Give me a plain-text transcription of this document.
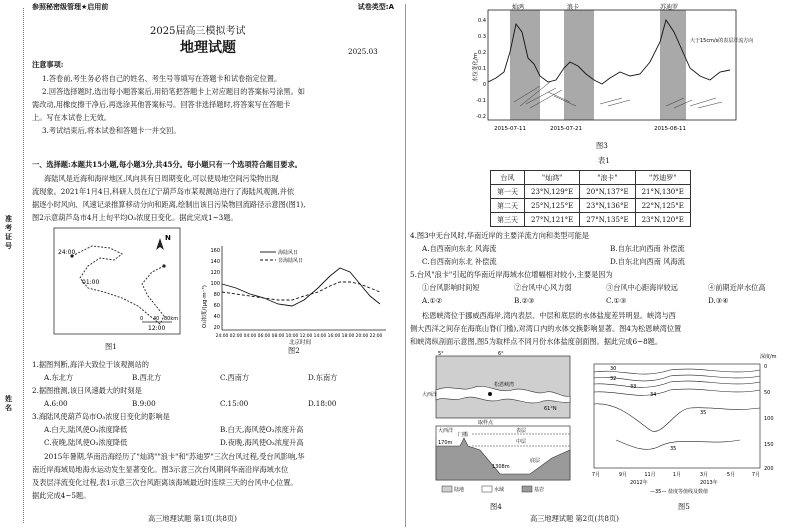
准考证号
姓名
参照秘密级管理★启用前	试卷类型:A
2025届高三模拟考试
地理试题	2025.03
注意事项:
1.答卷前,考生务必将自己的姓名、考生号等填写在答题卡和试卷指定位置。
2.回答选择题时,选出每小题答案后,用铅笔把答题卡上对应题目的答案标号涂黑。如
需改动,用橡皮擦干净后,再选涂其他答案标号。回答非选择题时,将答案写在答题卡
上。写在本试卷上无效。
3.考试结束后,将本试卷和答题卡一并交回。
一、选择题:本题共15小题,每小题3分,共45分。每小题只有一个选项符合题目要求。
海陆风是近海和海岸地区,风向具有日周期变化,可以使局地空间污染物出现
流现象。2021年1月4日,科研人员在辽宁葫芦岛市某观测站进行了海陆风观测,并依
据逐小时风向、风速记录推算移动分向和距离,绘制出该日污染物回流路径示意图(图1),
图2示意葫芦岛市4月上旬平均O₃浓度日变化。据此完成1~3题。
24:00
01:00
12:00
N
0 40 80km
图1
O₃浓度/(μg·m⁻³)
160
140
120
100
80
60
40
20
海陆风日
非海陆风日
24:00 02:00 04:00 06:00 08:00 10:00 12:00 14:00 16:00 18:00 20:00 22:00
北京时间
图2
1.据图判断,海洋大致位于该观测站的
A.东北方	B.西北方	C.西南方	D.东南方
2.据图推测,该日风速最大的时刻是
A.6:00	B.9:00	C.15:00	D.18:00
3.海陆风使葫芦岛市O₃浓度日变化的影响是
A.白天,陆风使O₃浓度降低	B.白天,海风使O₃浓度升高
C.夜晚,陆风使O₃浓度降低	D.夜晚,海风使O₃浓度升高
2015年暑期,华南沿海经历了"灿鸿""浪卡"和"苏迪罗"三次台风过程,受台风影响,华
南近岸海域局地海水运动发生显著变化。图3示意三次台风期间华南沿岸海域水位
及表层洋流变化过程,表1示意三次台风距离该海域最近时连续三天的台风中心位置。
据此完成4~5题。
高三地理试题 第1页(共8页)
灿鸿	浪卡	苏迪罗
水位变化/m
0.4
0.3
0.2
0.1
0
-0.1
-0.2
大于15cm/s的表层洋流方向
2015-07-11	2015-07-21	2015-08-11
图3
表1
台风	"灿鸿"	"浪卡"	"苏迪罗"
第一天	23°N,129°E	20°N,137°E	21°N,130°E
第二天	25°N,125°E	23°N,136°E	22°N,125°E
第三天	27°N,121°E	27°N,135°E	23°N,120°E
4.图3中无台风时,华南近岸的主要洋流方向和类型可能是
A.自西南向东北 风海流	B.自东北向西南 补偿流
C.自西南向东北 补偿流	D.自东北向西南 风海流
5.台风"浪卡"引起的华南近岸海域水位增幅相对较小,主要是因为
①台风影响时间短	②台风中心风力弱	③台风中心距海岸较远	④前期近岸水位高
A.①②	B.②③	C.①③	D.③④
松恩峡湾位于挪威西海岸,湾内表层、中层和底层的水体盐度差异明显。峡湾与西
侧大西洋之间存在海底山脊(门槛),对湾口内的水体交换影响显著。图4为松恩峡湾位置
和峡湾纵剖面示意图,图5为取样点不同月份水体盐度剖面图。据此完成6~8题。
5°	6°
61°N
大西洋
松恩峡湾
大西洋
门槛
170m
1308m
表层
中层
底层
取样点
陆地	水域	基岩
图4
深度/m
0
50
100
150
200
30
32
33
34
35
35
7月	9月	11月	1月	3月	5月	7月
2012年	2013年
—35— 盐度等值线及数值
图5
高三地理试题 第2页(共8页)
